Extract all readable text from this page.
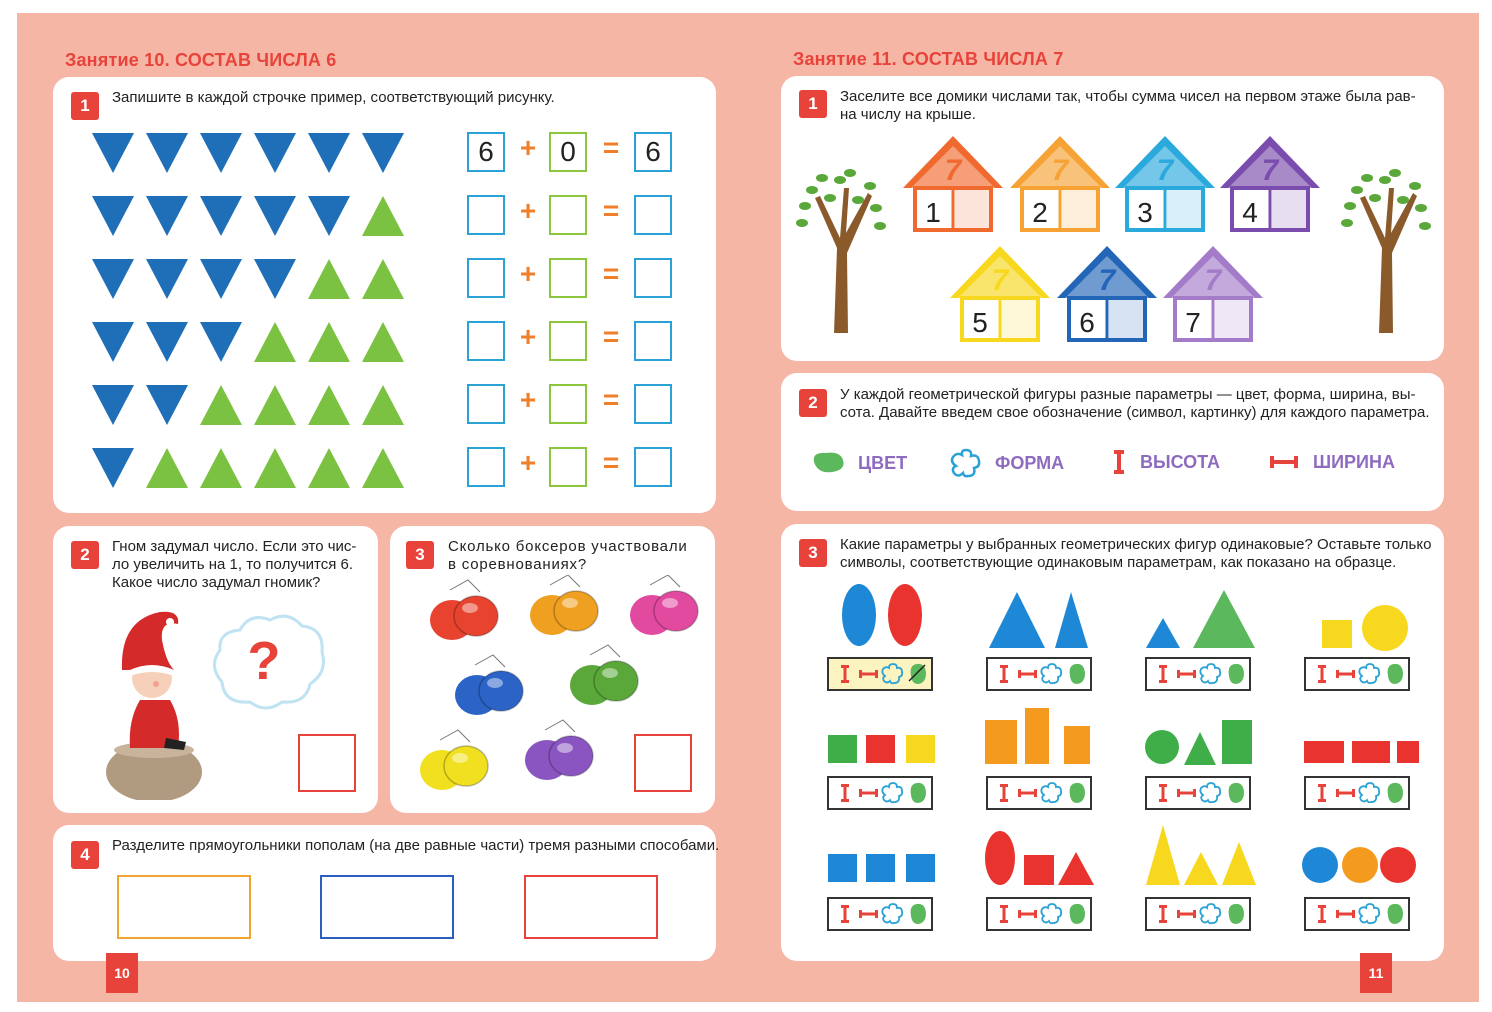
Занятие 10. СОСТАВ ЧИСЛА 6
1	Запишите в каждой строчке пример, соответствующий рисунку.
6 + 0 = 6
+ =
+ =
+ =
+ =
+ =
2	Гном задумал число. Если это чис-
ло увеличить на 1, то получится 6.
Какое число задумал гномик?
?
3	Сколько боксеров участвовали
в соревнованиях?
4	Разделите прямоугольники пополам (на две равные части) тремя разными способами.
10
Занятие 11. СОСТАВ ЧИСЛА 7
1	Заселите все домики числами так, чтобы сумма чисел на первом этаже была рав-
на числу на крыше.
7
1
7
2
7
3
7
4
7
5
7
6
7
7
2	У каждой геометрической фигуры разные параметры — цвет, форма, ширина, вы-
сота. Давайте введем свое обозначение (символ, картинку) для каждого параметра.
ЦВЕТ	ФОРМА	ВЫСОТА	ШИРИНА
3	Какие параметры у выбранных геометрических фигур одинаковые? Оставьте только
символы, соответствующие одинаковым параметрам, как показано на образце.
11
